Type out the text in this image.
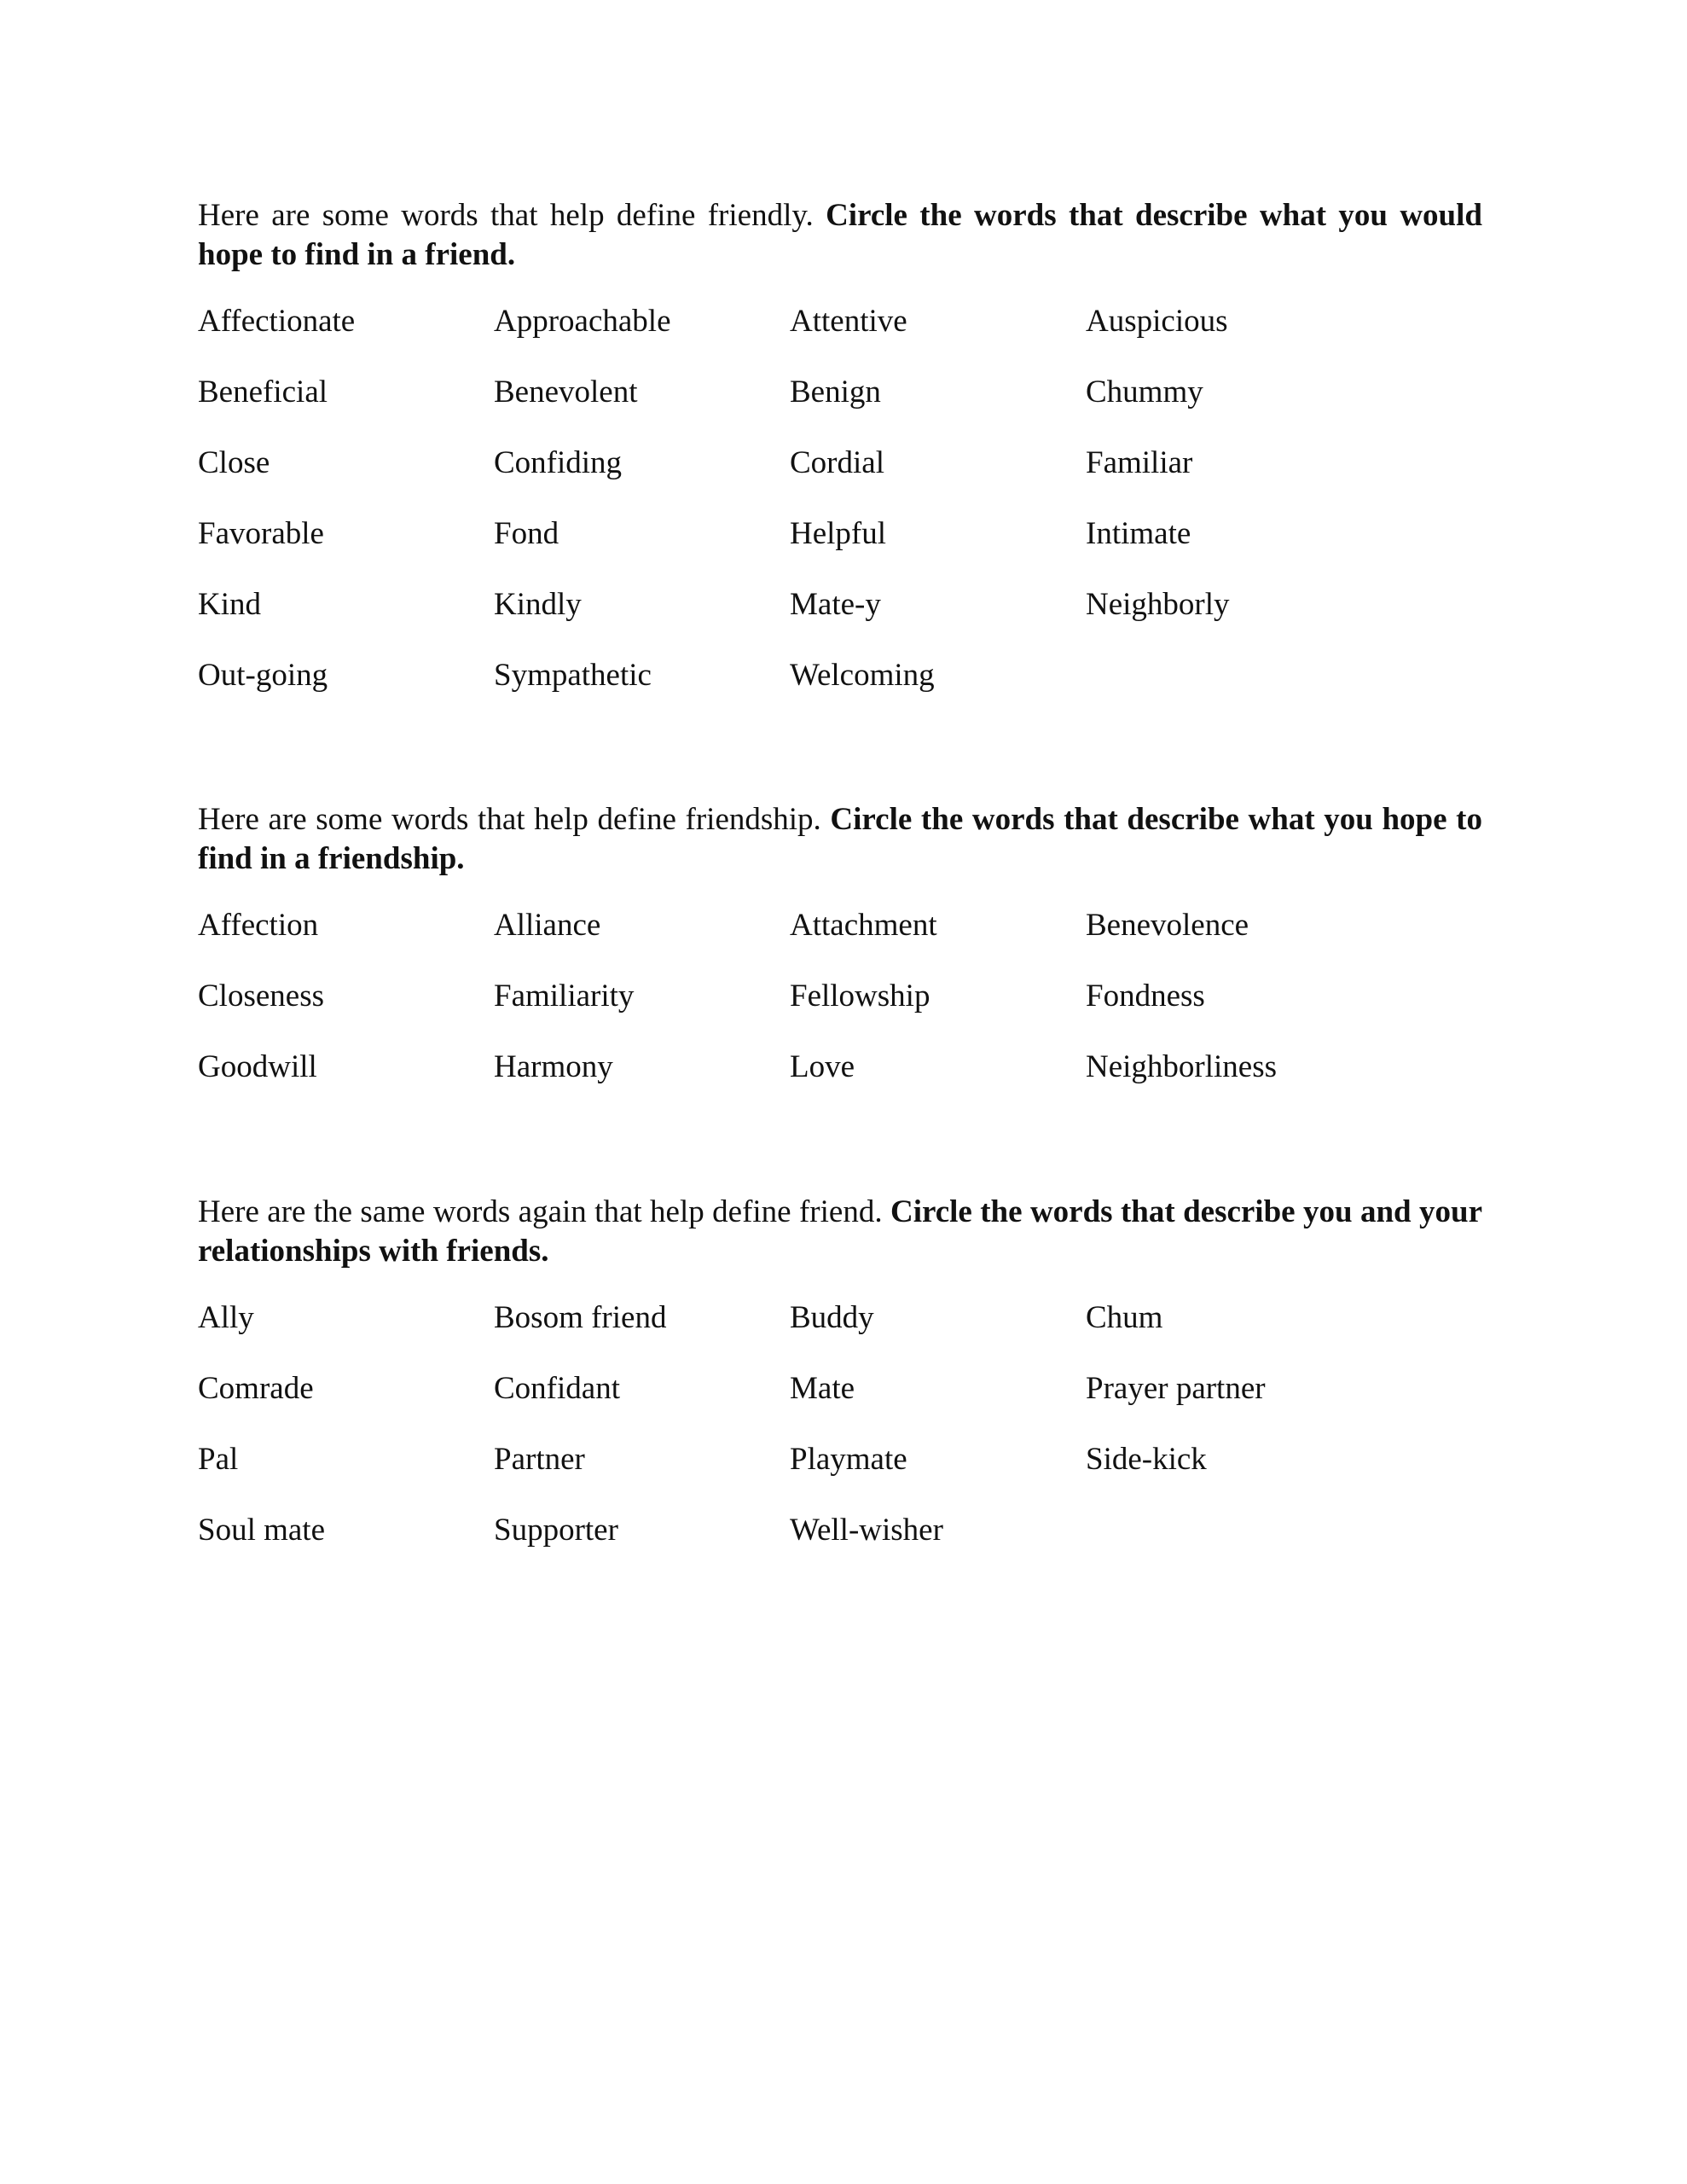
Here are some words that help define friendly. Circle the words that describe what you would hope to find in a friend.

Affectionate	Approachable	Attentive	Auspicious
Beneficial	Benevolent	Benign	Chummy
Close	Confiding	Cordial	Familiar
Favorable	Fond	Helpful	Intimate
Kind	Kindly	Mate-y	Neighborly
Out-going	Sympathetic	Welcoming

Here are some words that help define friendship. Circle the words that describe what you hope to find in a friendship.

Affection	Alliance	Attachment	Benevolence
Closeness	Familiarity	Fellowship	Fondness
Goodwill	Harmony	Love	Neighborliness

Here are the same words again that help define friend. Circle the words that describe you and your relationships with friends.

Ally	Bosom friend	Buddy	Chum
Comrade	Confidant	Mate	Prayer partner
Pal	Partner	Playmate	Side-kick
Soul mate	Supporter	Well-wisher
